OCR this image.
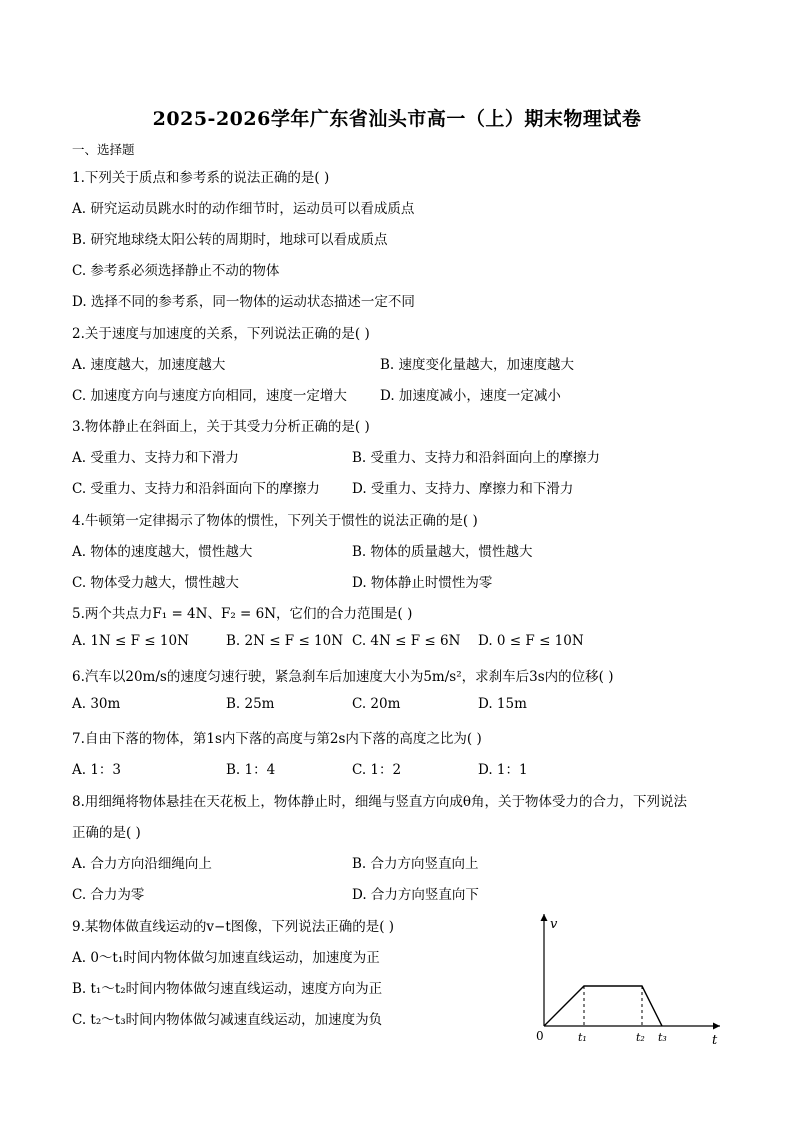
2025-2026学年广东省汕头市高一（上）期末物理试卷
一、选择题
1.下列关于质点和参考系的说法正确的是( )
A. 研究运动员跳水时的动作细节时，运动员可以看成质点
B. 研究地球绕太阳公转的周期时，地球可以看成质点
C. 参考系必须选择静止不动的物体
D. 选择不同的参考系，同一物体的运动状态描述一定不同
2.关于速度与加速度的关系，下列说法正确的是( )
A. 速度越大，加速度越大	B. 速度变化量越大，加速度越大
C. 加速度方向与速度方向相同，速度一定增大 D. 加速度减小，速度一定减小
3.物体静止在斜面上，关于其受力分析正确的是( )
A. 受重力、支持力和下滑力	B. 受重力、支持力和沿斜面向上的摩擦力
C. 受重力、支持力和沿斜面向下的摩擦力 D. 受重力、支持力、摩擦力和下滑力
4.牛顿第一定律揭示了物体的惯性，下列关于惯性的说法正确的是( )
A. 物体的速度越大，惯性越大	B. 物体的质量越大，惯性越大
C. 物体受力越大，惯性越大	D. 物体静止时惯性为零
5.两个共点力F₁ = 4N、F₂ = 6N，它们的合力范围是( )
A. 1N ≤ F ≤ 10N	B. 2N ≤ F ≤ 10N C. 4N ≤ F ≤ 6N D. 0 ≤ F ≤ 10N
6.汽车以20m/s的速度匀速行驶，紧急刹车后加速度大小为5m/s²，求刹车后3s内的位移( )
A. 30m	B. 25m	C. 20m	D. 15m
7.自由下落的物体，第1s内下落的高度与第2s内下落的高度之比为( )
A. 1：3	B. 1：4	C. 1：2	D. 1：1
8.用细绳将物体悬挂在天花板上，物体静止时，细绳与竖直方向成θ角，关于物体受力的合力，下列说法
正确的是( )
A. 合力方向沿细绳向上	B. 合力方向竖直向上
C. 合力为零	D. 合力方向竖直向下
9.某物体做直线运动的v−t图像，下列说法正确的是( )
A. 0～t₁时间内物体做匀加速直线运动，加速度为正
B. t₁～t₂时间内物体做匀速直线运动，速度方向为正
C. t₂～t₃时间内物体做匀减速直线运动，加速度为负
v
t
0	t₁	t₂ t₃
